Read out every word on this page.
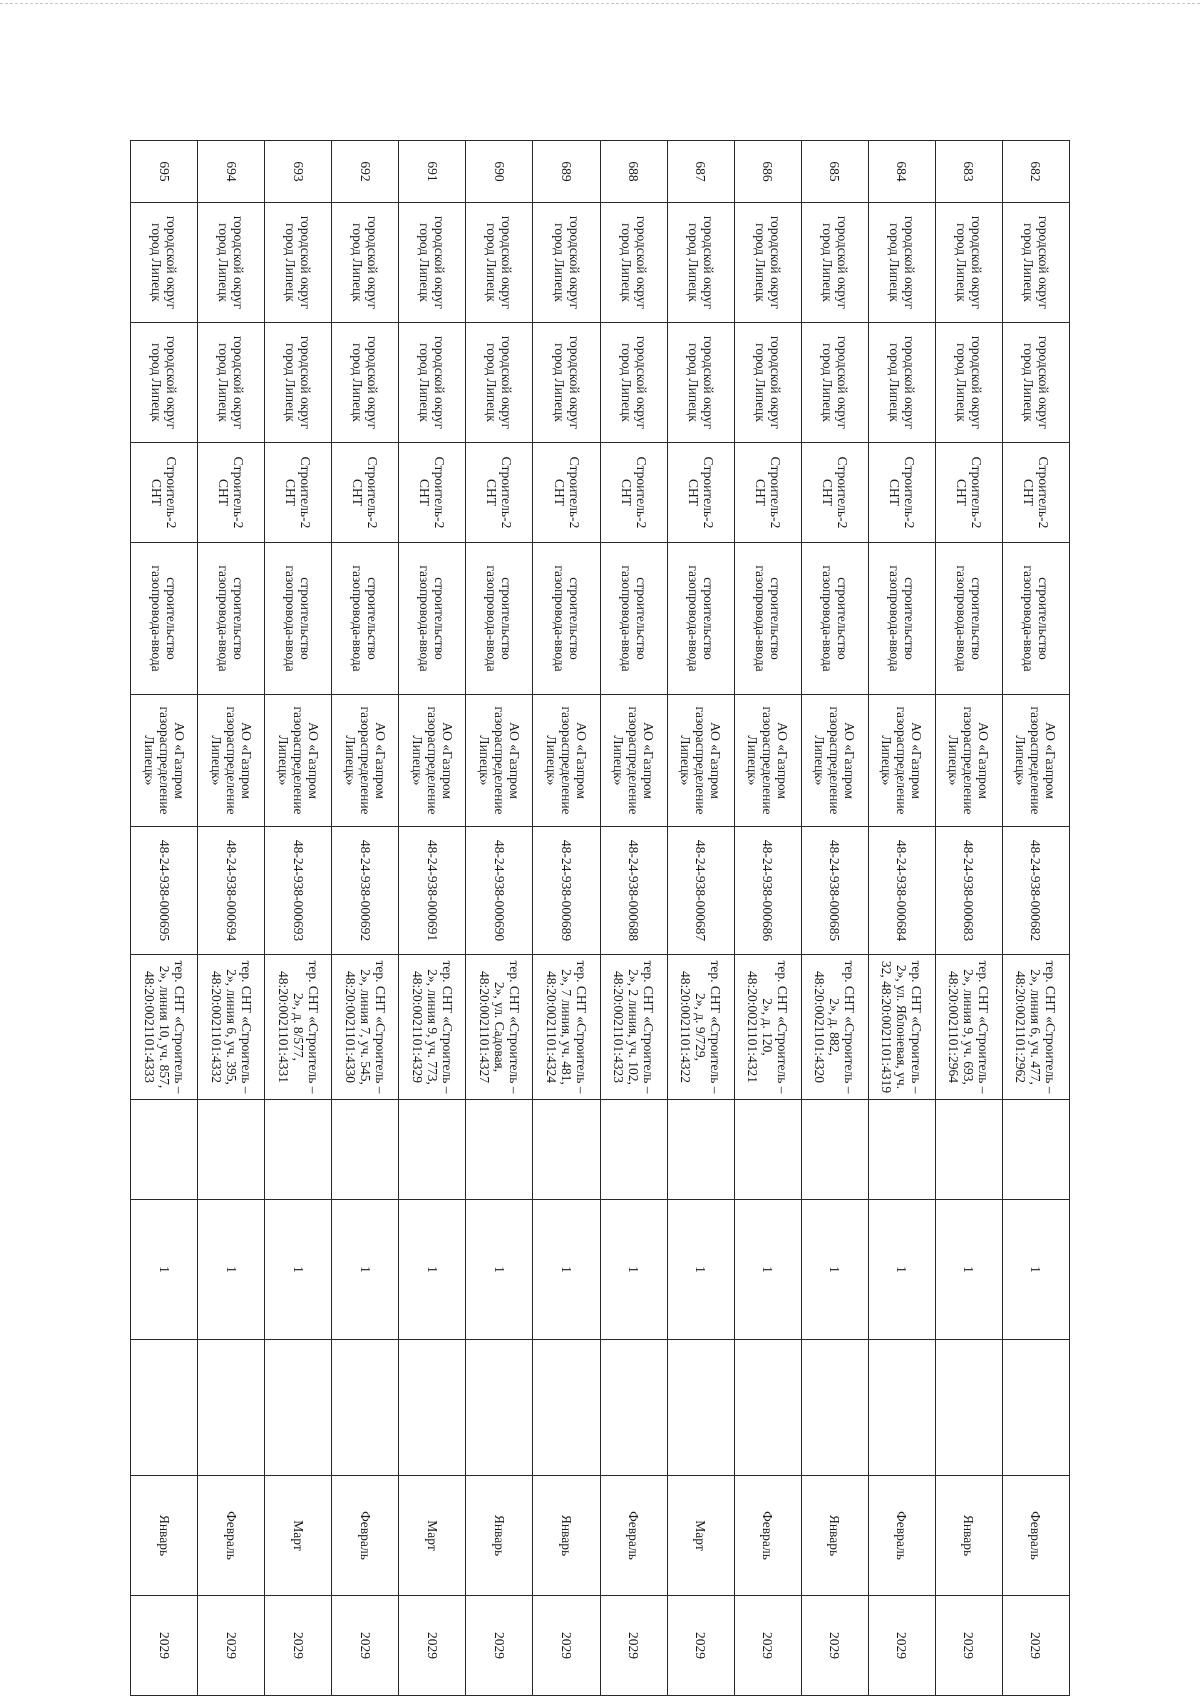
682	городской округ город Липецк	городской округ город Липецк	Строитель-2 СНТ	строительство газопровода-ввода	АО «Газпром газораспределение Липецк»	48-24-938-000682	тер. СНТ «Строитель – 2», линия 6, уч. 477, 48:20:0021101:2962		1		Февраль	2029
683	городской округ город Липецк	городской округ город Липецк	Строитель-2 СНТ	строительство газопровода-ввода	АО «Газпром газораспределение Липецк»	48-24-938-000683	тер. СНТ «Строитель – 2», линия 9, уч. 693, 48:20:0021101:2964		1		Январь	2029
684	городской округ город Липецк	городской округ город Липецк	Строитель-2 СНТ	строительство газопровода-ввода	АО «Газпром газораспределение Липецк»	48-24-938-000684	тер. СНТ «Строитель – 2», ул. Яблоневая, уч. 32, 48:20:0021101:4319		1		Февраль	2029
685	городской округ город Липецк	городской округ город Липецк	Строитель-2 СНТ	строительство газопровода-ввода	АО «Газпром газораспределение Липецк»	48-24-938-000685	тер. СНТ «Строитель – 2», д. 882, 48:20:0021101:4320		1		Январь	2029
686	городской округ город Липецк	городской округ город Липецк	Строитель-2 СНТ	строительство газопровода-ввода	АО «Газпром газораспределение Липецк»	48-24-938-000686	тер. СНТ «Строитель – 2», д. 120, 48:20:0021101:4321		1		Февраль	2029
687	городской округ город Липецк	городской округ город Липецк	Строитель-2 СНТ	строительство газопровода-ввода	АО «Газпром газораспределение Липецк»	48-24-938-000687	тер. СНТ «Строитель – 2», д. 9/729, 48:20:0021101:4322		1		Март	2029
688	городской округ город Липецк	городской округ город Липецк	Строитель-2 СНТ	строительство газопровода-ввода	АО «Газпром газораспределение Липецк»	48-24-938-000688	тер. СНТ «Строитель – 2», 2 линия, уч. 102, 48:20:0021101:4323		1		Февраль	2029
689	городской округ город Липецк	городской округ город Липецк	Строитель-2 СНТ	строительство газопровода-ввода	АО «Газпром газораспределение Липецк»	48-24-938-000689	тер. СНТ «Строитель – 2», 7 линия, уч. 481, 48:20:0021101:4324		1		Январь	2029
690	городской округ город Липецк	городской округ город Липецк	Строитель-2 СНТ	строительство газопровода-ввода	АО «Газпром газораспределение Липецк»	48-24-938-000690	тер. СНТ «Строитель – 2», ул. Садовая, 48:20:0021101:4327		1		Январь	2029
691	городской округ город Липецк	городской округ город Липецк	Строитель-2 СНТ	строительство газопровода-ввода	АО «Газпром газораспределение Липецк»	48-24-938-000691	тер. СНТ «Строитель – 2», линия 9, уч. 773, 48:20:0021101:4329		1		Март	2029
692	городской округ город Липецк	городской округ город Липецк	Строитель-2 СНТ	строительство газопровода-ввода	АО «Газпром газораспределение Липецк»	48-24-938-000692	тер. СНТ «Строитель – 2», линия 7, уч. 545, 48:20:0021101:4330		1		Февраль	2029
693	городской округ город Липецк	городской округ город Липецк	Строитель-2 СНТ	строительство газопровода-ввода	АО «Газпром газораспределение Липецк»	48-24-938-000693	тер. СНТ «Строитель – 2», д. 8/577, 48:20:0021101:4331		1		Март	2029
694	городской округ город Липецк	городской округ город Липецк	Строитель-2 СНТ	строительство газопровода-ввода	АО «Газпром газораспределение Липецк»	48-24-938-000694	тер. СНТ «Строитель – 2», линия 6, уч. 395, 48:20:0021101:4332		1		Февраль	2029
695	городской округ город Липецк	городской округ город Липецк	Строитель-2 СНТ	строительство газопровода-ввода	АО «Газпром газораспределение Липецк»	48-24-938-000695	тер. СНТ «Строитель – 2», линия 10, уч. 857, 48:20:0021101:4333		1		Январь	2029
